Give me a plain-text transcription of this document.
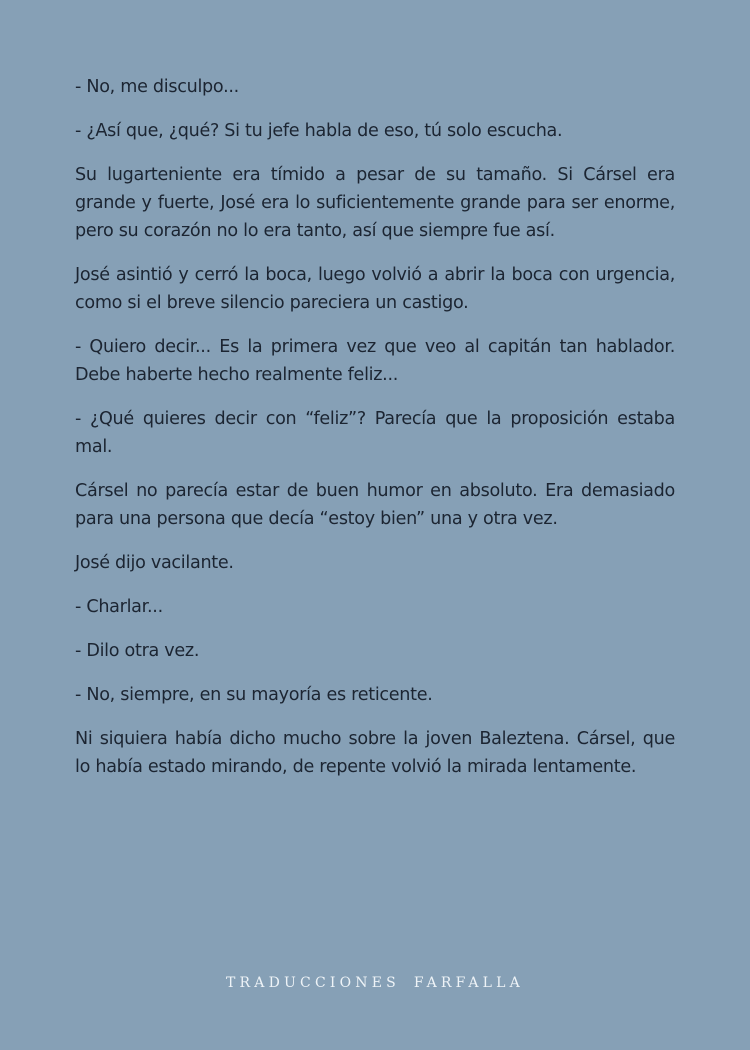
- No, me disculpo...

- ¿Así que, ¿qué? Si tu jefe habla de eso, tú solo escucha.

Su lugarteniente era tímido a pesar de su tamaño. Si Cársel era grande y fuerte, José era lo suficientemente grande para ser enorme, pero su corazón no lo era tanto, así que siempre fue así.

José asintió y cerró la boca, luego volvió a abrir la boca con urgencia, como si el breve silencio pareciera un castigo.

- Quiero decir... Es la primera vez que veo al capitán tan hablador. Debe haberte hecho realmente feliz...

- ¿Qué quieres decir con “feliz”? Parecía que la proposición estaba mal.

Cársel no parecía estar de buen humor en absoluto. Era demasiado para una persona que decía “estoy bien” una y otra vez.

José dijo vacilante.

- Charlar...

- Dilo otra vez.

- No, siempre, en su mayoría es reticente.

Ni siquiera había dicho mucho sobre la joven Baleztena. Cársel, que lo había estado mirando, de repente volvió la mirada lentamente.

TRADUCCIONES FARFALLA
